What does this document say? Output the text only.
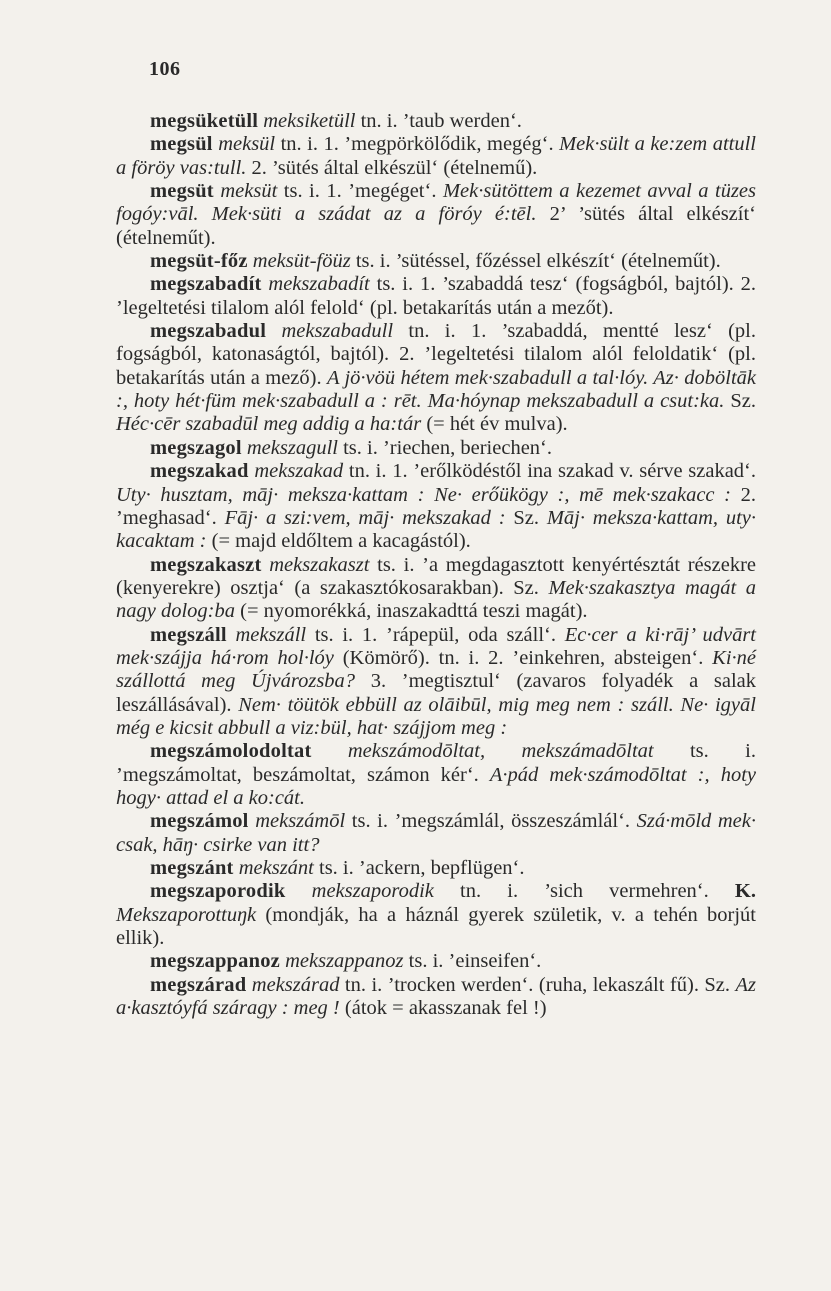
106

megsüketüll meksiketüll tn. i. ’taub werden‘.

megsül meksül tn. i. 1. ’megpörkölődik, megég‘. Mek·sült a ke:zem attull a föröy vas:tull. 2. ’sütés által elkészül‘ (ételnemű).

megsüt meksüt ts. i. 1. ’megéget‘. Mek·sütöttem a kezemet avval a tüzes fogóy:vāl. Mek·süti a szádat az a föróy é:tēl. 2’ ’sütés által elkészít‘ (ételneműt).

megsüt-főz meksüt-föüz ts. i. ’sütéssel, főzéssel elkészít‘ (ételneműt).

megszabadít mekszabadít ts. i. 1. ’szabaddá tesz‘ (fogságból, bajtól). 2. ’legeltetési tilalom alól felold‘ (pl. betakarítás után a mezőt).

megszabadul mekszabadull tn. i. 1. ’szabaddá, mentté lesz‘ (pl. fogságból, katonaságtól, bajtól). 2. ’legeltetési tilalom alól feloldatik‘ (pl. betakarítás után a mező). A jö·vöü hétem mek·szabadull a tal·lóy. Az· doböltāk :, hoty hét·füm mek·szabadull a : rēt. Ma·hóynap mekszabadull a csut:ka. Sz. Héc·cēr szabadūl meg addig a ha:tár (= hét év mulva).

megszagol mekszagull ts. i. ’riechen, beriechen‘.

megszakad mekszakad tn. i. 1. ’erőlködéstől ina szakad v. sérve szakad‘. Uty· husztam, māj· meksza·kattam : Ne· erőükögy :, mē mek·szakacc : 2. ’meghasad‘. Fāj· a szi:vem, māj· mekszakad : Sz. Māj· meksza·kattam, uty· kacaktam : (= majd eldőltem a kacagástól).

megszakaszt mekszakaszt ts. i. ’a megdagasztott kenyértésztát részekre (kenyerekre) osztja‘ (a szakasztókosarakban). Sz. Mek·szakasztya magát a nagy dolog:ba (= nyomorékká, inaszakadttá teszi magát).

megszáll mekszáll ts. i. 1. ’ráрepül, oda száll‘. Ec·cer a ki·rāj’ udvārt mek·szájja há·rom hol·lóy (Kömörő). tn. i. 2. ’einkehren, absteigen‘. Ki·né szállottá meg Újvározsba? 3. ’megtisztul‘ (zavaros folyadék a salak leszállásával). Nem· töütök ebbüll az olāibūl, mig meg nem : száll. Ne· igyāl még e kicsit abbull a viz:bül, hat· szájjom meg :

megszámolodoltat mekszámodōltat, mekszámadōltat ts. i. ’megszámoltat, beszámoltat, számon kér‘. A·pád mek·számodōltat :, hoty hogy· attad el a ko:cát.

megszámol mekszámōl ts. i. ’megszámlál, összeszámlál‘. Szá·mōld mek· csak, hāŋ· csirke van itt?

megszánt mekszánt ts. i. ’ackern, bepflügen‘.

megszaporodik mekszaporodik tn. i. ’sich vermehren‘. K. Mekszaporottuŋk (mondják, ha a háznál gyerek születik, v. a tehén borjút ellik).

megszappanoz mekszappanoz ts. i. ’einseifen‘.

megszárad mekszárad tn. i. ’trocken werden‘. (ruha, lekaszált fű). Sz. Az a·kasztóyfá száragy : meg ! (átok = akasszanak fel !)
